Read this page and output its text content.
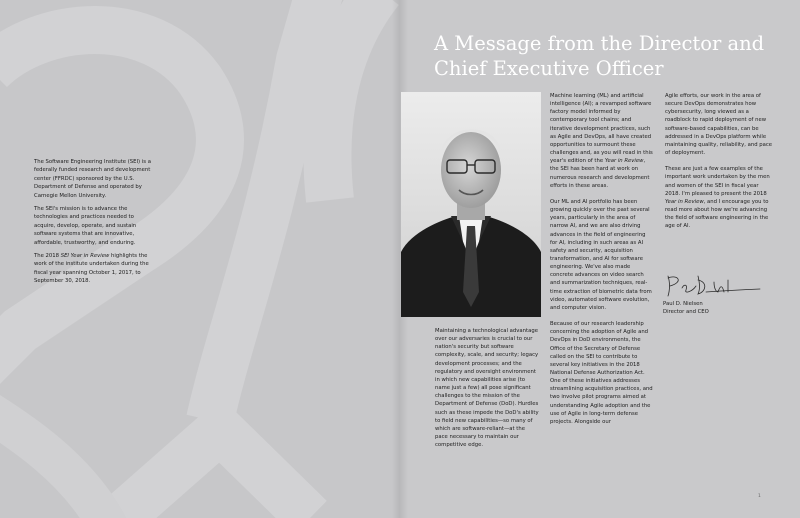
The Software Engineering Institute (SEI) is a federally funded research and development center (FFRDC) sponsored by the U.S. Department of Defense and operated by Carnegie Mellon University.

The SEI's mission is to advance the technologies and practices needed to acquire, develop, operate, and sustain software systems that are innovative, affordable, trustworthy, and enduring.

The 2018 SEI Year in Review highlights the work of the institute undertaken during the fiscal year spanning October 1, 2017, to September 30, 2018.

A Message from the Director and Chief Executive Officer

Maintaining a technological advantage over our adversaries is crucial to our nation's security but software complexity, scale, and security; legacy development processes; and the regulatory and oversight environment in which new capabilities arise (to name just a few) all pose significant challenges to the mission of the Department of Defense (DoD). Hurdles such as these impede the DoD's ability to field new capabilities—so many of which are software-reliant—at the pace necessary to maintain our competitive edge.

Machine learning (ML) and artificial intelligence (AI); a revamped software factory model informed by contemporary tool chains; and iterative development practices, such as Agile and DevOps, all have created opportunities to surmount these challenges and, as you will read in this year's edition of the Year in Review, the SEI has been hard at work on numerous research and development efforts in these areas.

Our ML and AI portfolio has been growing quickly over the past several years, particularly in the area of narrow AI, and we are also driving advances in the field of engineering for AI, including in such areas as AI safety and security, acquisition transformation, and AI for software engineering. We've also made concrete advances on video search and summarization techniques, real-time extraction of biometric data from video, automated software evolution, and computer vision.

Because of our research leadership concerning the adoption of Agile and DevOps in DoD environments, the Office of the Secretary of Defense called on the SEI to contribute to several key initiatives in the 2018 National Defense Authorization Act. One of these initiatives addresses streamlining acquisition practices, and two involve pilot programs aimed at understanding Agile adoption and the use of Agile in long-term defense projects. Alongside our

Agile efforts, our work in the area of secure DevOps demonstrates how cybersecurity, long viewed as a roadblock to rapid deployment of new software-based capabilities, can be addressed in a DevOps platform while maintaining quality, reliability, and pace of deployment.

These are just a few examples of the important work undertaken by the men and women of the SEI in fiscal year 2018. I'm pleased to present the 2018 Year in Review, and I encourage you to read more about how we're advancing the field of software engineering in the age of AI.

Paul D. Nielsen
Director and CEO
1
